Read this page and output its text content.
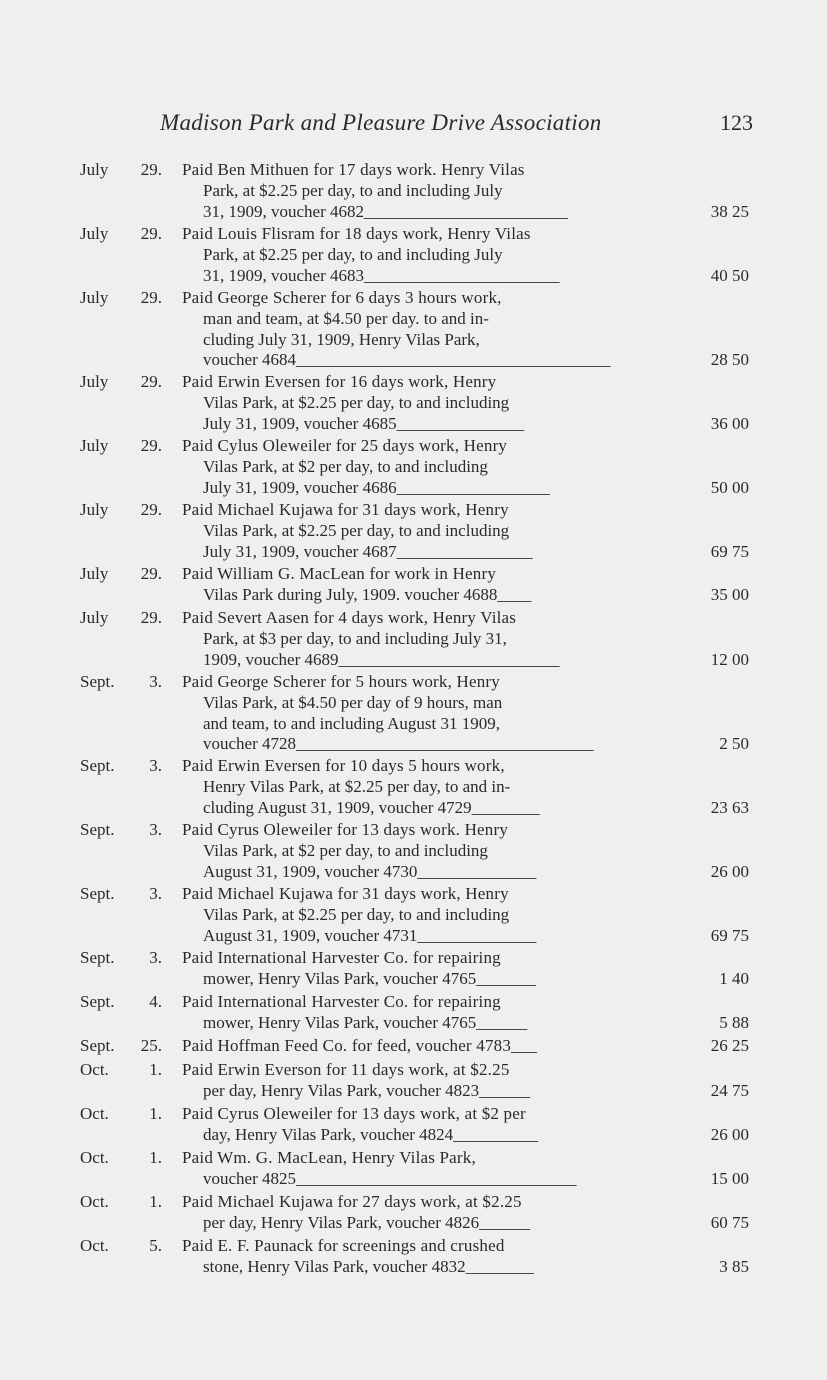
Madison Park and Pleasure Drive Association	123
July	29. Paid Ben Mithuen for 17 days work. Henry Vilas
Park, at $2.25 per day, to and including July
31, 1909, voucher 4682________________________	38 25
July	29. Paid Louis Flisram for 18 days work, Henry Vilas
Park, at $2.25 per day, to and including July
31, 1909, voucher 4683_______________________	40 50
July	29. Paid George Scherer for 6 days 3 hours work,
man and team, at $4.50 per day. to and in-
cluding July 31, 1909, Henry Vilas Park,
voucher 4684_____________________________________	28 50
July	29. Paid Erwin Eversen for 16 days work, Henry
Vilas Park, at $2.25 per day, to and including
July 31, 1909, voucher 4685_______________	36 00
July	29. Paid Cylus Oleweiler for 25 days work, Henry
Vilas Park, at $2 per day, to and including
July 31, 1909, voucher 4686__________________	50 00
July	29. Paid Michael Kujawa for 31 days work, Henry
Vilas Park, at $2.25 per day, to and including
July 31, 1909, voucher 4687________________	69 75
July	29. Paid William G. MacLean for work in Henry
Vilas Park during July, 1909. voucher 4688____	35 00
July	29. Paid Severt Aasen for 4 days work, Henry Vilas
Park, at $3 per day, to and including July 31,
1909, voucher 4689__________________________	12 00
Sept.	3. Paid George Scherer for 5 hours work, Henry
Vilas Park, at $4.50 per day of 9 hours, man
and team, to and including August 31 1909,
voucher 4728___________________________________	2 50
Sept.	3. Paid Erwin Eversen for 10 days 5 hours work,
Henry Vilas Park, at $2.25 per day, to and in-
cluding August 31, 1909, voucher 4729________	23 63
Sept.	3. Paid Cyrus Oleweiler for 13 days work. Henry
Vilas Park, at $2 per day, to and including
August 31, 1909, voucher 4730______________	26 00
Sept.	3. Paid Michael Kujawa for 31 days work, Henry
Vilas Park, at $2.25 per day, to and including
August 31, 1909, voucher 4731______________	69 75
Sept.	3. Paid International Harvester Co. for repairing
mower, Henry Vilas Park, voucher 4765_______	1 40
Sept.	4. Paid International Harvester Co. for repairing
mower, Henry Vilas Park, voucher 4765______	5 88
Sept.	25. Paid Hoffman Feed Co. for feed, voucher 4783___	26 25
Oct.	1. Paid Erwin Everson for 11 days work, at $2.25
per day, Henry Vilas Park, voucher 4823______	24 75
Oct.	1. Paid Cyrus Oleweiler for 13 days work, at $2 per
day, Henry Vilas Park, voucher 4824__________	26 00
Oct.	1. Paid Wm. G. MacLean, Henry Vilas Park,
voucher 4825_________________________________	15 00
Oct.	1. Paid Michael Kujawa for 27 days work, at $2.25
per day, Henry Vilas Park, voucher 4826______	60 75
Oct.	5. Paid E. F. Paunack for screenings and crushed
stone, Henry Vilas Park, voucher 4832________	3 85
